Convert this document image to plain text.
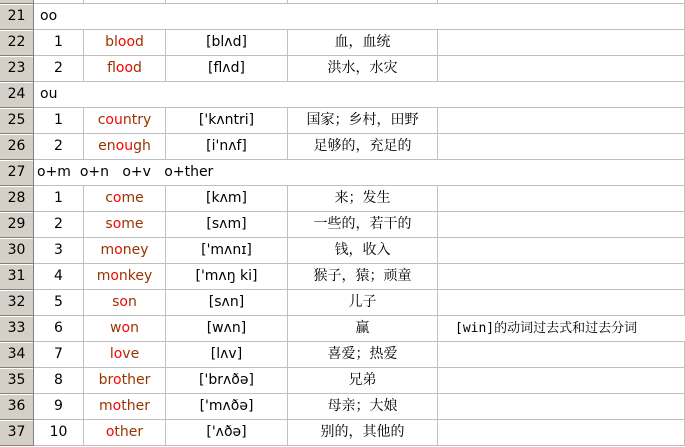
21	oo
22	1	blood	[blʌd]	血，血统
23	2	flood	[flʌd]	洪水，水灾
24	ou
25	1	country	['kʌntri]	国家；乡村，田野
26	2	enough	[i'nʌf]	足够的，充足的
27 o+m  o+n   o+v   o+ther
28	1	come	[kʌm]	来；发生
29	2	some	[sʌm]	一些的，若干的
30	3	money	['mʌnɪ]	钱，收入
31	4	monkey	['mʌŋ ki]	猴子，猿；顽童
32	5	son	[sʌn]	儿子
33	6	won	[wʌn]	赢	[win]的动词过去式和过去分词
34	7	love	[lʌv]	喜爱；热爱
35	8	brother	['brʌðə]	兄弟
36	9	mother	['mʌðə]	母亲；大娘
37	10	other	['ʌðə]	别的，其他的
